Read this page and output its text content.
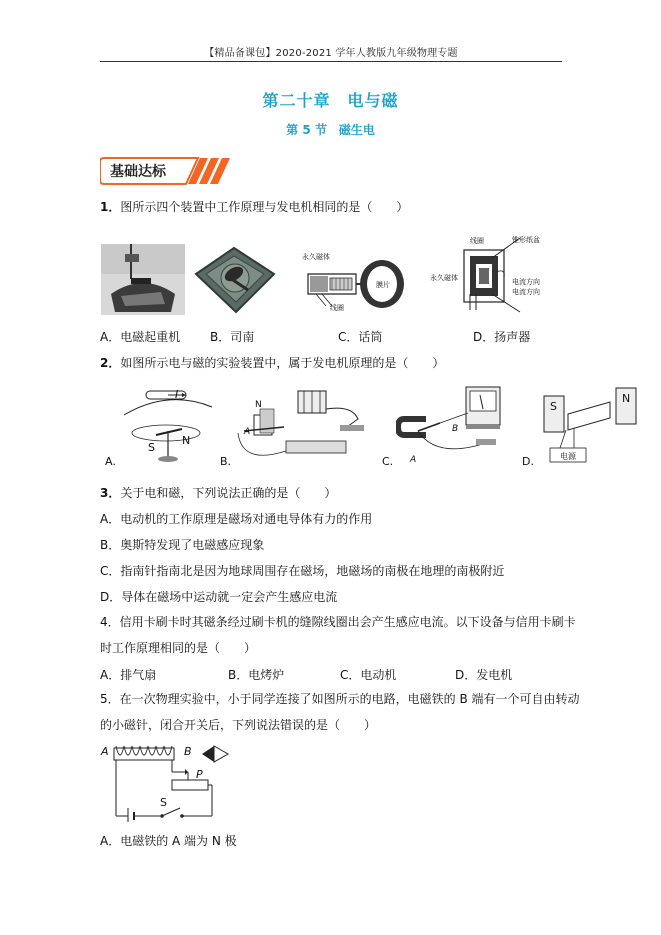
【精品备课包】2020-2021 学年人教版九年级物理专题
第二十章　电与磁
第 5 节　磁生电
基础达标
1．图所示四个装置中工作原理与发电机相同的是（　　）
永久磁体
线圈
膜片
线圈	锥形纸盆
永久磁体	电流方向
电流方向
A．电磁起重机 B．司南	C．话筒	D．扬声器
2．如图所示电与磁的实验装置中，属于发电机原理的是（　　）
I
S
N
A.
N
A
B.	A
B
C.
S
N
电源
D.
3．关于电和磁，下列说法正确的是（　　）
A．电动机的工作原理是磁场对通电导体有力的作用
B．奥斯特发现了电磁感应现象
C．指南针指南北是因为地球周围存在磁场，地磁场的南极在地理的南极附近
D．导体在磁场中运动就一定会产生感应电流
4．信用卡刷卡时其磁条经过刷卡机的缝隙线圈出会产生感应电流。以下设备与信用卡刷卡
时工作原理相同的是（　　）
A．排气扇	B．电烤炉	C．电动机	D．发电机
5．在一次物理实验中，小于同学连接了如图所示的电路，电磁铁的 B 端有一个可自由转动
的小磁针，闭合开关后，下列说法错误的是（　　）
A	B
P
S
A．电磁铁的 A 端为 N 极
